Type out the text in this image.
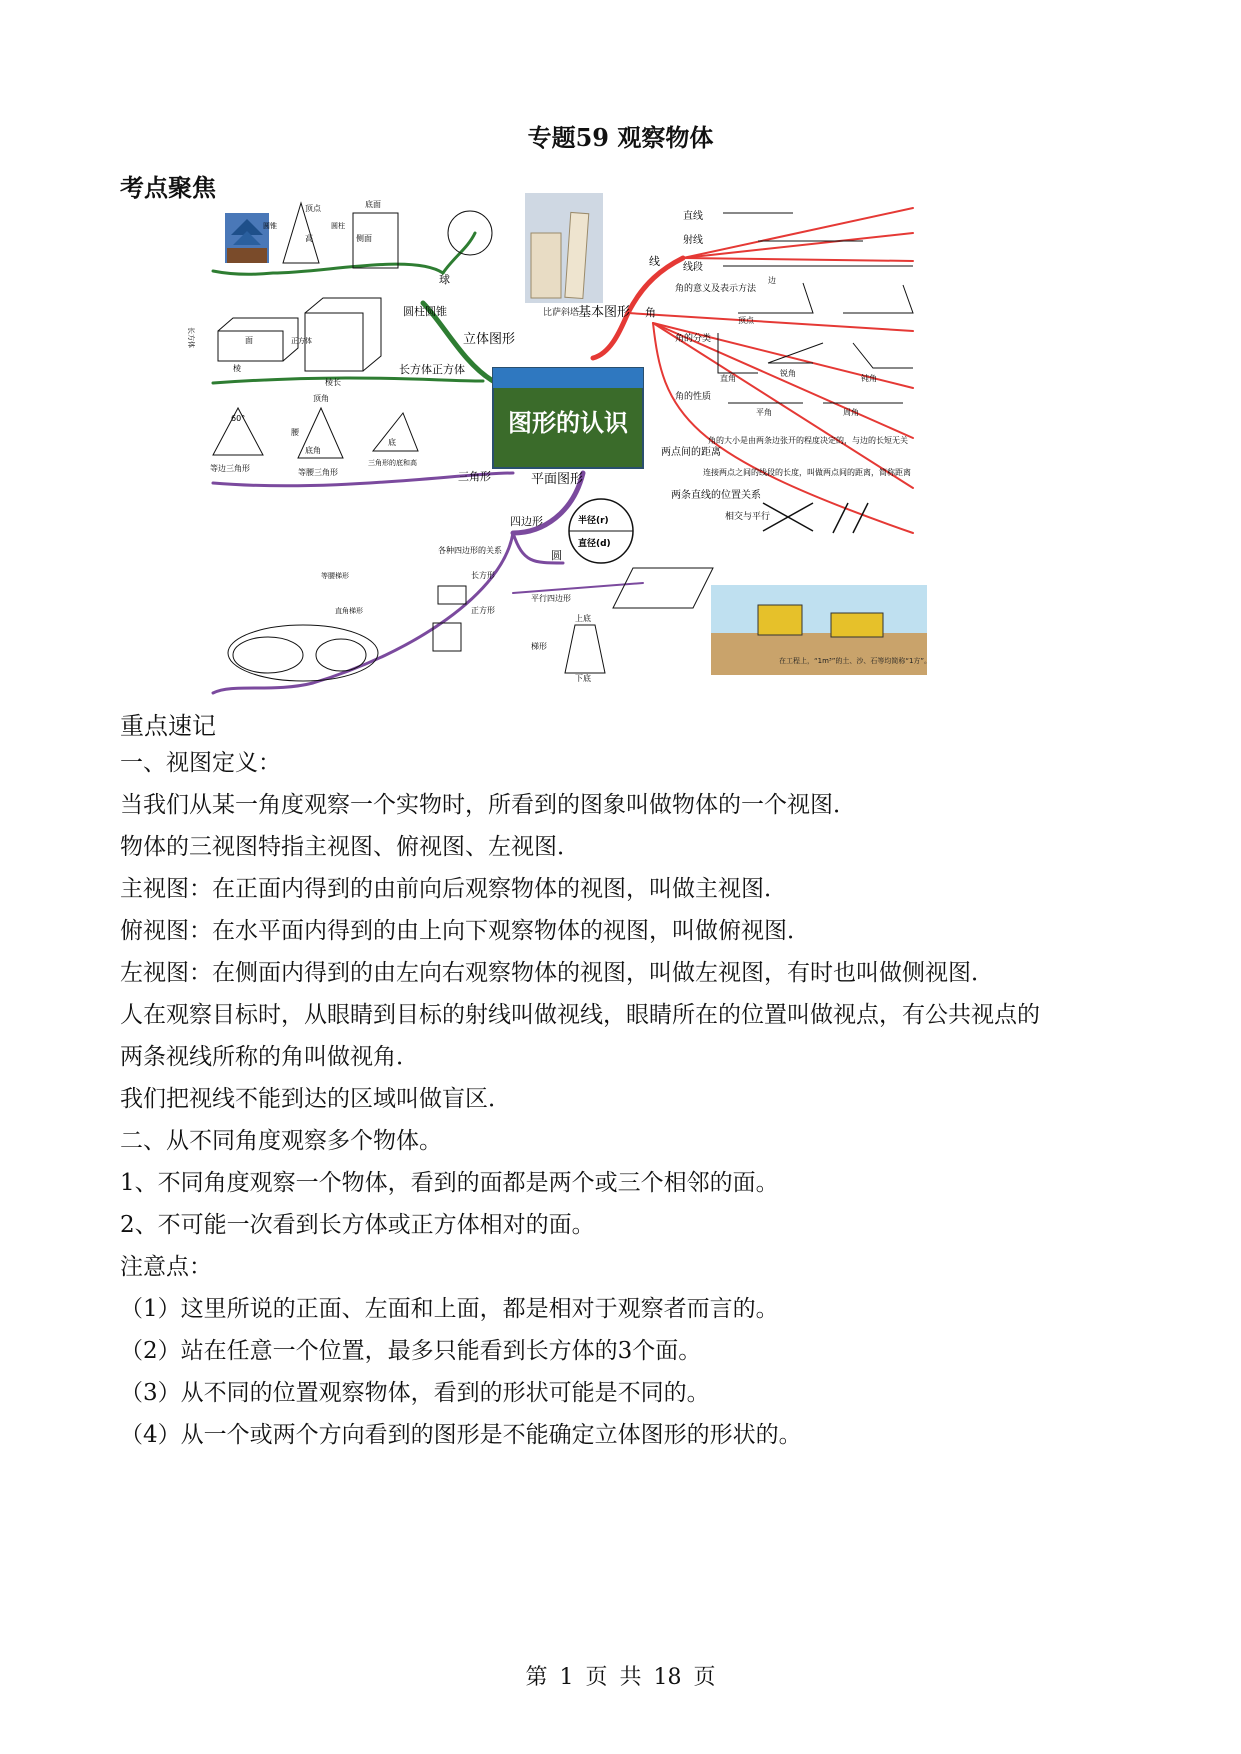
专题59 观察物体
考点聚焦
比萨斜塔
在工程上，“1m³”的土、沙、石等均简称“1方”。
图形的认识
立体图形
基本图形
平面图形
线
角
圆柱圆锥
球
长方体正方体
三角形
四边形
圆
直线
射线
线段
角的意义及表示方法
角的分类
角的性质
两点间的距离
两条直线的位置关系
相交与平行
角的大小是由两条边张开的程度决定的，与边的长短无关
连接两点之间的线段的长度，叫做两点间的距离，简称距离
直角
锐角
钝角
平角	周角
顶点
边
圆锥
顶点
高
圆柱
底面
侧面
长方体	面
棱
正方体
棱长
60°
等边三角形
顶角
腰
底角
等腰三角形
三角形的底和高
底
各种四边形的关系
长方形
正方形
平行四边形
梯形
上底
下底
等腰梯形
直角梯形
半径(r)
直径(d)
重点速记
一、视图定义：
当我们从某一角度观察一个实物时，所看到的图象叫做物体的一个视图．
物体的三视图特指主视图、俯视图、左视图．
主视图：在正面内得到的由前向后观察物体的视图，叫做主视图．
俯视图：在水平面内得到的由上向下观察物体的视图，叫做俯视图．
左视图：在侧面内得到的由左向右观察物体的视图，叫做左视图，有时也叫做侧视图．
人在观察目标时，从眼睛到目标的射线叫做视线，眼睛所在的位置叫做视点，有公共视点的
两条视线所称的角叫做视角．
我们把视线不能到达的区域叫做盲区．
二、从不同角度观察多个物体。
1、不同角度观察一个物体，看到的面都是两个或三个相邻的面。
2、不可能一次看到长方体或正方体相对的面。
注意点：
（1）这里所说的正面、左面和上面，都是相对于观察者而言的。
（2）站在任意一个位置，最多只能看到长方体的3个面。
（3）从不同的位置观察物体，看到的形状可能是不同的。
（4）从一个或两个方向看到的图形是不能确定立体图形的形状的。
第 1 页 共 18 页
